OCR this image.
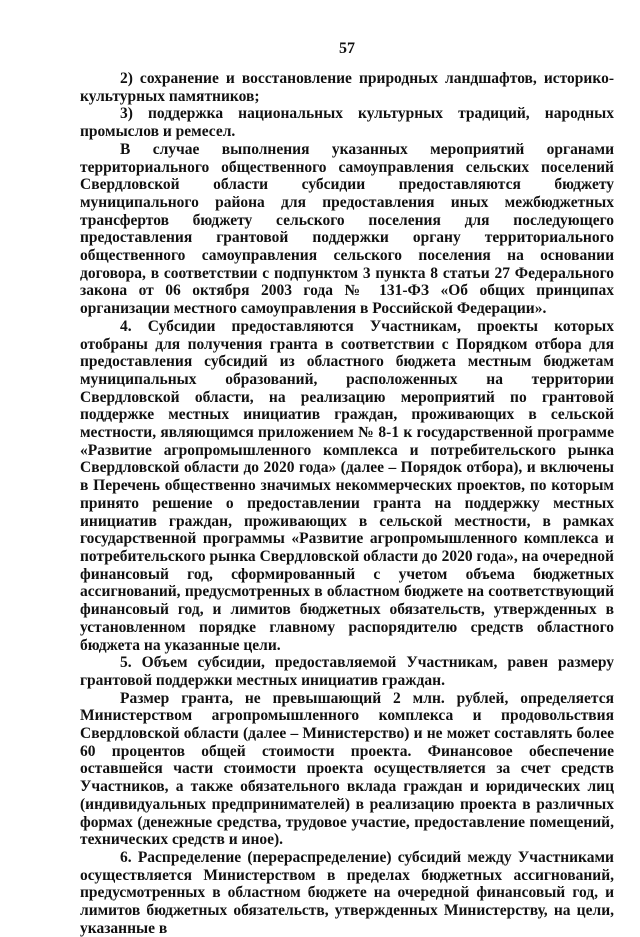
57

2) сохранение и восстановление природных ландшафтов, историко-культурных памятников;

3) поддержка национальных культурных традиций, народных промыслов и ремесел.

В случае выполнения указанных мероприятий органами территориального общественного самоуправления сельских поселений Свердловской области субсидии предоставляются бюджету муниципального района для предоставления иных межбюджетных трансфертов бюджету сельского поселения для последующего предоставления грантовой поддержки органу территориального общественного самоуправления сельского поселения на основании договора, в соответствии с подпунктом 3 пункта 8 статьи 27 Федерального закона от 06 октября 2003 года № 131-ФЗ «Об общих принципах организации местного самоуправления в Российской Федерации».

4. Субсидии предоставляются Участникам, проекты которых отобраны для получения гранта в соответствии с Порядком отбора для предоставления субсидий из областного бюджета местным бюджетам муниципальных образований, расположенных на территории Свердловской области, на реализацию мероприятий по грантовой поддержке местных инициатив граждан, проживающих в сельской местности, являющимся приложением № 8-1 к государственной программе «Развитие агропромышленного комплекса и потребительского рынка Свердловской области до 2020 года» (далее – Порядок отбора), и включены в Перечень общественно значимых некоммерческих проектов, по которым принято решение о предоставлении гранта на поддержку местных инициатив граждан, проживающих в сельской местности, в рамках государственной программы «Развитие агропромышленного комплекса и потребительского рынка Свердловской области до 2020 года», на очередной финансовый год, сформированный с учетом объема бюджетных ассигнований, предусмотренных в областном бюджете на соответствующий финансовый год, и лимитов бюджетных обязательств, утвержденных в установленном порядке главному распорядителю средств областного бюджета на указанные цели.

5. Объем субсидии, предоставляемой Участникам, равен размеру грантовой поддержки местных инициатив граждан.

Размер гранта, не превышающий 2 млн. рублей, определяется Министерством агропромышленного комплекса и продовольствия Свердловской области (далее – Министерство) и не может составлять более 60 процентов общей стоимости проекта. Финансовое обеспечение оставшейся части стоимости проекта осуществляется за счет средств Участников, а также обязательного вклада граждан и юридических лиц (индивидуальных предпринимателей) в реализацию проекта в различных формах (денежные средства, трудовое участие, предоставление помещений, технических средств и иное).

6. Распределение (перераспределение) субсидий между Участниками осуществляется Министерством в пределах бюджетных ассигнований, предусмотренных в областном бюджете на очередной финансовый год, и лимитов бюджетных обязательств, утвержденных Министерству, на цели, указанные в
